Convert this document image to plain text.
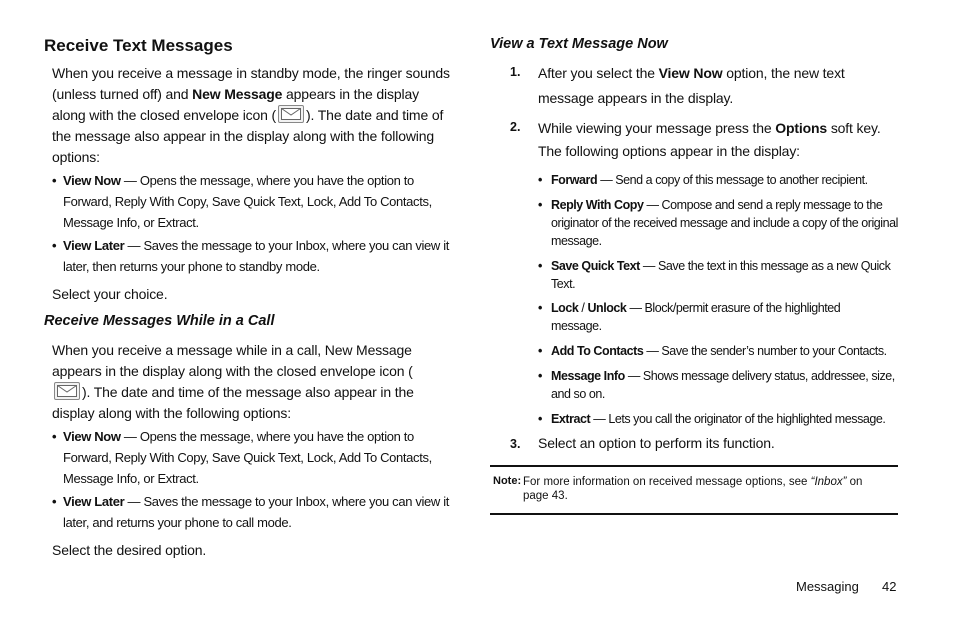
Receive Text Messages

When you receive a message in standby mode, the ringer sounds (unless turned off) and New Message appears in the display along with the closed envelope icon ( ). The date and time of the message also appear in the display along with the following options:

• View Now — Opens the message, where you have the option to Forward, Reply With Copy, Save Quick Text, Lock, Add To Contacts, Message Info, or Extract.

• View Later — Saves the message to your Inbox, where you can view it later, then returns your phone to standby mode.

Select your choice.

Receive Messages While in a Call

When you receive a message while in a call, New Message appears in the display along with the closed envelope icon (
). The date and time of the message also appear in the display along with the following options:

• View Now — Opens the message, where you have the option to Forward, Reply With Copy, Save Quick Text, Lock, Add To Contacts, Message Info, or Extract.

• View Later — Saves the message to your Inbox, where you can view it later, and returns your phone to call mode.

Select the desired option.

View a Text Message Now
1. After you select the View Now option, the new text message appears in the display.

2. While viewing your message press the Options soft key.

The following options appear in the display:

• Forward — Send a copy of this message to another recipient.

• Reply With Copy — Compose and send a reply message to the originator of the received message and include a copy of the original message.

• Save Quick Text — Save the text in this message as a new Quick Text.

• Lock / Unlock — Block/permit erasure of the highlighted message.

• Add To Contacts — Save the sender’s number to your Contacts.

• Message Info — Shows message delivery status, addressee, size, and so on.

• Extract — Lets you call the originator of the highlighted message.

3. Select an option to perform its function.

Note: For more information on received message options, see “Inbox” on page 43.
Messaging 42
